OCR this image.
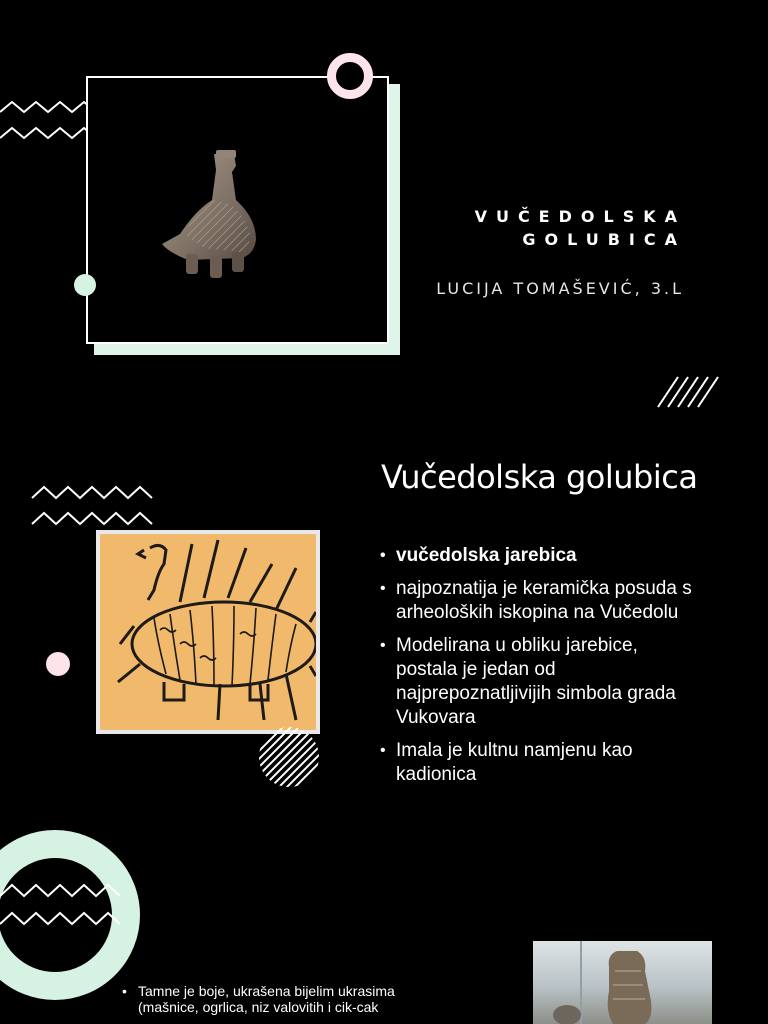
VUČEDOLSKA
GOLUBICA
LUCIJA TOMAŠEVIĆ, 3.L
Vučedolska golubica
• vučedolska jarebica
• najpoznatija je keramička posuda s arheoloških iskopina na Vučedolu
• Modelirana u obliku jarebice, postala je jedan od najprepoznatljivijih simbola grada Vukovara
• Imala je kultnu namjenu kao kadionica
• Tamne je boje, ukrašena bijelim ukrasima (mašnice, ogrlica, niz valovitih i cik-cak
